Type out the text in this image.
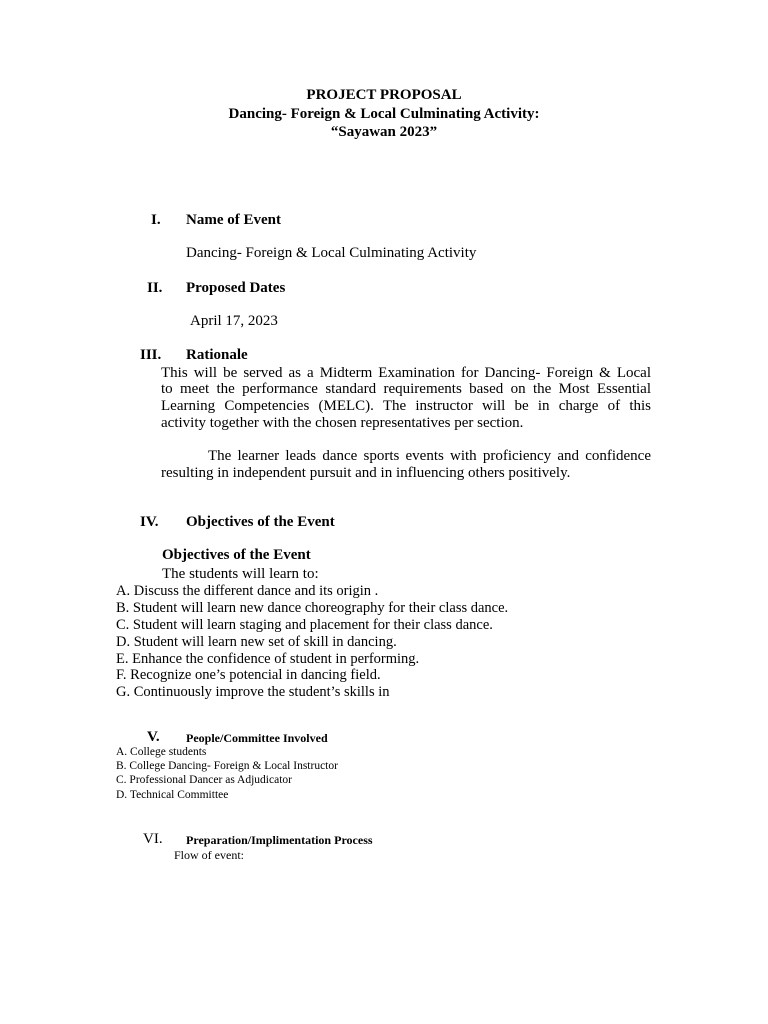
PROJECT PROPOSAL
Dancing- Foreign & Local Culminating Activity:
“Sayawan 2023”
I. Name of Event
Dancing- Foreign & Local Culminating Activity
II. Proposed Dates
April 17, 2023
III. Rationale
This will be served as a Midterm Examination for Dancing- Foreign & Local
to meet the performance standard requirements based on the Most Essential
Learning Competencies (MELC). The instructor will be in charge of this
activity together with the chosen representatives per section.
The learner leads dance sports events with proficiency and confidence
resulting in independent pursuit and in influencing others positively.
IV. Objectives of the Event
Objectives of the Event
The students will learn to:
A. Discuss the different dance and its origin .
B. Student will learn new dance choreography for their class dance.
C. Student will learn staging and placement for their class dance.
D. Student will learn new set of skill in dancing.
E. Enhance the confidence of student in performing.
F. Recognize one’s potencial in dancing field.
G. Continuously improve the student’s skills in
V. People/Committee Involved
A. College students
B. College Dancing- Foreign & Local Instructor
C. Professional Dancer as Adjudicator
D. Technical Committee
VI. Preparation/Implimentation Process
Flow of event:
